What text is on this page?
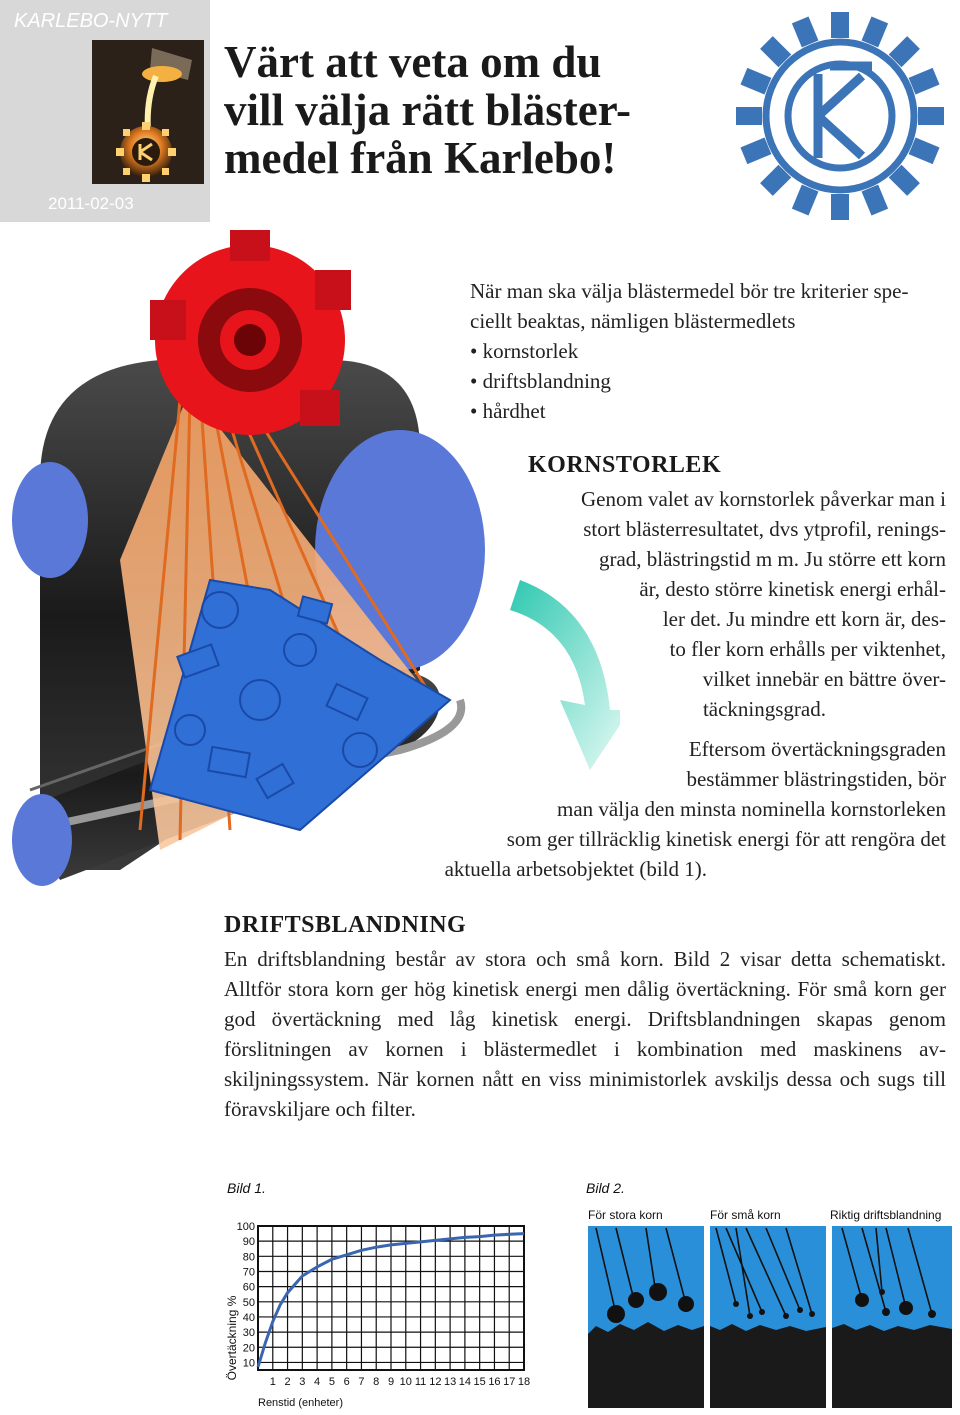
KARLEBO-NYTT
2011-02-03
Värt att veta om du
vill välja rätt bläster-
medel från Karlebo!
När man ska välja blästermedel bör tre kriterier spe-
ciellt beaktas, nämligen blästermedlets
• kornstorlek
• driftsblandning
• hårdhet
KORNSTORLEK
Genom valet av kornstorlek påverkar man i
stort blästerresultatet, dvs ytprofil, renings-
grad, blästringstid m m. Ju större ett korn
är, desto större kinetisk energi erhål-
ler det. Ju mindre ett korn är, des-
to fler korn erhålls per viktenhet,
vilket innebär en bättre över-
täckningsgrad.
Eftersom övertäckningsgraden
bestämmer blästringstiden, bör
man välja den minsta nominella kornstorleken
som ger tillräcklig kinetisk energi för att rengöra det
aktuella arbetsobjektet (bild 1).
DRIFTSBLANDNING
En driftsblandning består av stora och små korn. Bild 2 visar detta schematiskt. Alltför stora korn ger hög kinetisk energi men dålig övertäckning. För små korn ger god övertäckning med låg kinetisk energi. Driftsblandningen skapas genom förslitningen av kornen i blästermedlet i kombination med maskinens av-skiljningssystem. När kornen nått en viss minimistorlek avskiljs dessa och sugs till föravskiljare och filter.
Bild 1.	Bild 2.
10
20
30
40
50
60
70
80
90
100
1 2 3 4 5 6 7 8 9 10 11 12 13 14 15 16 17 18
Övertäckning %
Renstid (enheter)
För stora korn	För små korn	Riktig driftsblandning
